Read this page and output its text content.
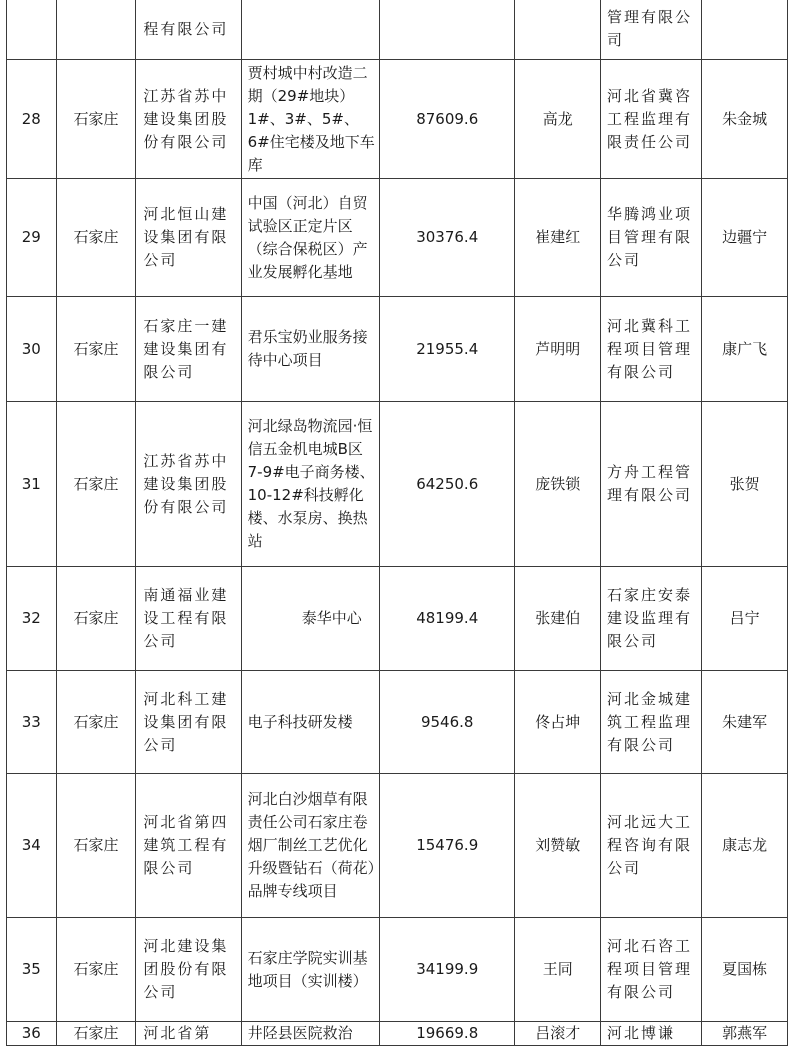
		程有限公司				管理有限公司	

28	石家庄	江苏省苏中建设集团股份有限公司	贾村城中村改造二期（29#地块）1#、3#、5#、6#住宅楼及地下车库	87609.6	高龙	河北省冀咨工程监理有限责任公司	朱金城
29	石家庄	河北恒山建设集团有限公司	中国（河北）自贸试验区正定片区（综合保税区）产业发展孵化基地	30376.4	崔建红	华腾鸿业项目管理有限公司	边疆宁
30	石家庄	石家庄一建建设集团有限公司	君乐宝奶业服务接待中心项目	21955.4	芦明明	河北冀科工程项目管理有限公司	康广飞
31	石家庄	江苏省苏中建设集团股份有限公司	河北绿岛物流园·恒信五金机电城B区7-9#电子商务楼、10-12#科技孵化楼、水泵房、换热站	64250.6	庞铁锁	方舟工程管理有限公司	张贺
32	石家庄	南通福业建设工程有限公司	泰华中心	48199.4	张建伯	石家庄安泰建设监理有限公司	吕宁
33	石家庄	河北科工建设集团有限公司	电子科技研发楼	9546.8	佟占坤	河北金城建筑工程监理有限公司	朱建军
34	石家庄	河北省第四建筑工程有限公司	河北白沙烟草有限责任公司石家庄卷烟厂制丝工艺优化升级暨钻石（荷花）品牌专线项目	15476.9	刘赞敏	河北远大工程咨询有限公司	康志龙
35	石家庄	河北建设集团股份有限公司	石家庄学院实训基地项目（实训楼）	34199.9	王同	河北石咨工程项目管理有限公司	夏国栋
36	石家庄	河北省第	井陉县医院救治	19669.8	吕滚才	河北博谦	郭燕军
